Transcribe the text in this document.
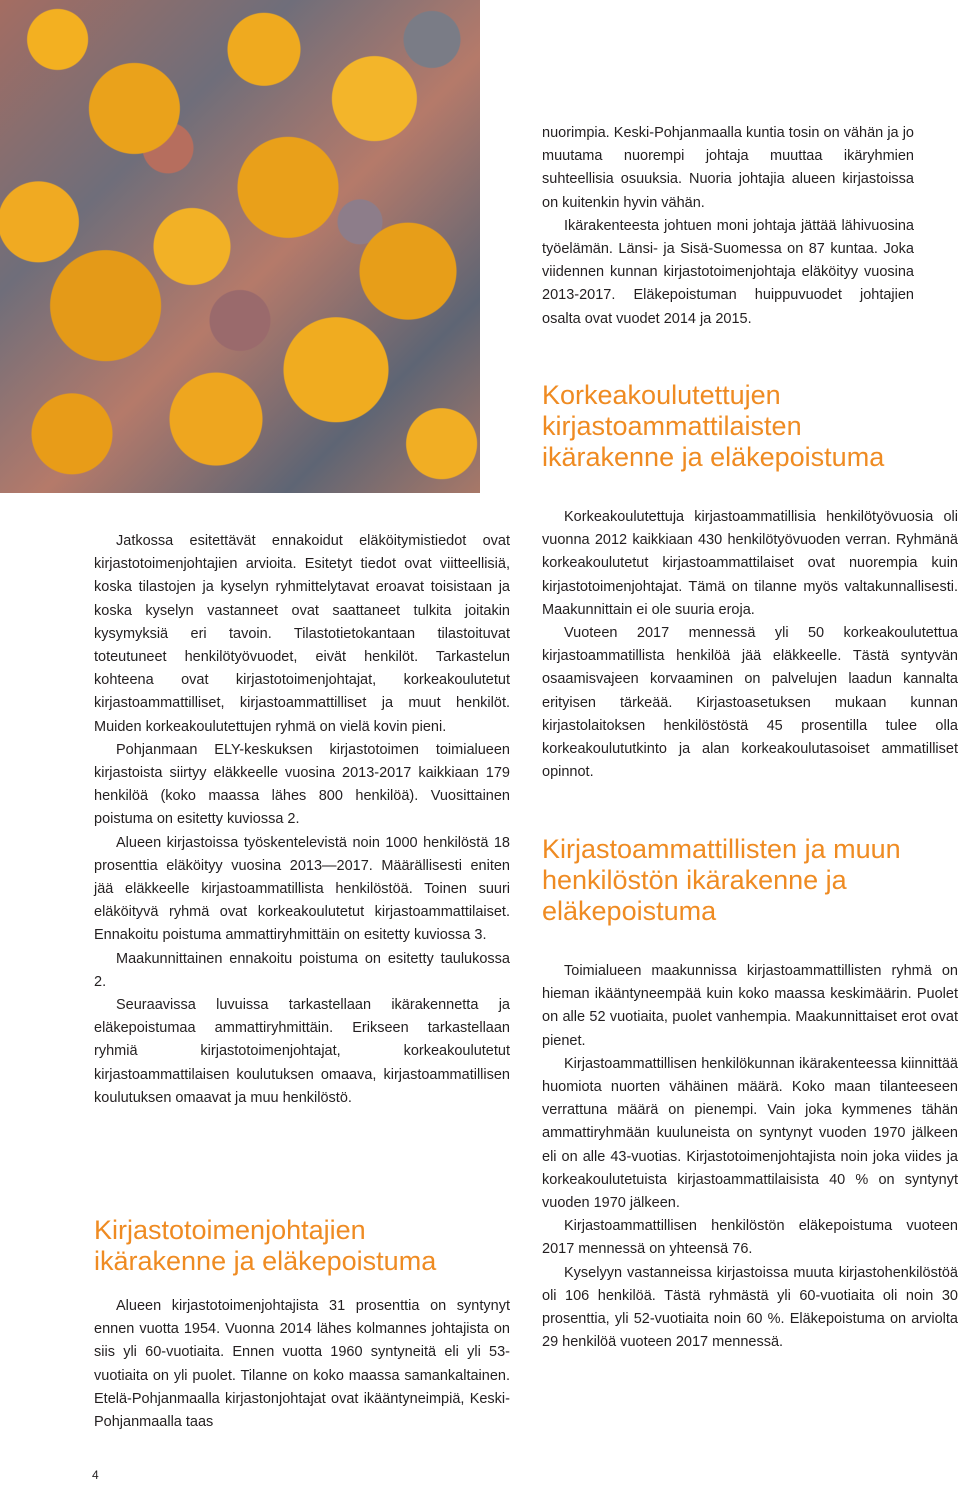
nuorimpia. Keski-Pohjanmaalla kuntia tosin on vähän ja jo muutama nuorempi johtaja muuttaa ikäryhmien suhteellisia osuuksia. Nuoria johtajia alueen kirjastoissa on kuitenkin hyvin vähän.

Ikärakenteesta johtuen moni johtaja jättää lähivuosina työelämän. Länsi- ja Sisä-Suomessa on 87 kuntaa. Joka viidennen kunnan kirjastotoimenjohtaja eläköityy vuosina 2013-2017. Eläkepoistuman huippuvuodet johtajien osalta ovat vuodet 2014 ja 2015.

Korkeakoulutettujen
kirjastoammattilaisten
ikärakenne ja eläkepoistuma

Jatkossa esitettävät ennakoidut eläköitymistiedot ovat kirjastotoimenjohtajien arvioita. Esitetyt tiedot ovat viitteellisiä, koska tilastojen ja kyselyn ryhmittelytavat eroavat toisistaan ja koska kyselyn vastanneet ovat saattaneet tulkita joitakin kysymyksiä eri tavoin. Tilastotietokantaan tilastoituvat toteutuneet henkilötyövuodet, eivät henkilöt. Tarkastelun kohteena ovat kirjastotoimenjohtajat, korkeakoulutetut kirjastoammattilliset, kirjastoammattilliset ja muut henkilöt. Muiden korkeakoulutettujen ryhmä on vielä kovin pieni.

Pohjanmaan ELY-keskuksen kirjastotoimen toimialueen kirjastoista siirtyy eläkkeelle vuosina 2013-2017 kaikkiaan 179 henkilöä (koko maassa lähes 800 henkilöä). Vuosittainen poistuma on esitetty kuviossa 2.

Alueen kirjastoissa työskentelevistä noin 1000 henkilöstä 18 prosenttia eläköityy vuosina 2013—2017. Määrällisesti eniten jää eläkkeelle kirjastoammatillista henkilöstöä. Toinen suuri eläköityvä ryhmä ovat korkeakoulutetut kirjastoammattilaiset. Ennakoitu poistuma ammattiryhmittäin on esitetty kuviossa 3.

Maakunnittainen ennakoitu poistuma on esitetty taulukossa 2.

Seuraavissa luvuissa tarkastellaan ikärakennetta ja eläkepoistumaa ammattiryhmittäin. Erikseen tarkastellaan ryhmiä kirjastotoimenjohtajat, korkeakoulutetut kirjastoammattilaisen koulutuksen omaava, kirjastoammatillisen koulutuksen omaavat ja muu henkilöstö.

Kirjastotoimenjohtajien
ikärakenne ja eläkepoistuma

Alueen kirjastotoimenjohtajista 31 prosenttia on syntynyt ennen vuotta 1954. Vuonna 2014 lähes kolmannes johtajista on siis yli 60-vuotiaita. Ennen vuotta 1960 syntyneitä eli yli 53-vuotiaita on yli puolet. Tilanne on koko maassa samankaltainen. Etelä-Pohjanmaalla kirjastonjohtajat ovat ikääntyneimpiä, Keski-Pohjanmaalla taas

Korkeakoulutettuja kirjastoammatillisia henkilötyövuosia oli vuonna 2012 kaikkiaan 430 henkilötyövuoden verran. Ryhmänä korkeakoulutetut kirjastoammattilaiset ovat nuorempia kuin kirjastotoimenjohtajat. Tämä on tilanne myös valtakunnallisesti. Maakunnittain ei ole suuria eroja.

Vuoteen 2017 mennessä yli 50 korkeakoulutettua kirjastoammatillista henkilöä jää eläkkeelle. Tästä syntyvän osaamisvajeen korvaaminen on palvelujen laadun kannalta erityisen tärkeää. Kirjastoasetuksen mukaan kunnan kirjastolaitoksen henkilöstöstä 45 prosentilla tulee olla korkeakoulututkinto ja alan korkeakoulutasoiset ammatilliset opinnot.

Kirjastoammattillisten ja muun
henkilöstön ikärakenne ja
eläkepoistuma

Toimialueen maakunnissa kirjastoammattillisten ryhmä on hieman ikääntyneempää kuin koko maassa keskimäärin. Puolet on alle 52 vuotiaita, puolet vanhempia. Maakunnittaiset erot ovat pienet.

Kirjastoammattillisen henkilökunnan ikärakenteessa kiinnittää huomiota nuorten vähäinen määrä. Koko maan tilanteeseen verrattuna määrä on pienempi. Vain joka kymmenes tähän ammattiryhmään kuuluneista on syntynyt vuoden 1970 jälkeen eli on alle 43-vuotias. Kirjastotoimenjohtajista noin joka viides ja korkeakoulutetuista kirjastoammattilaisista 40 % on syntynyt vuoden 1970 jälkeen.

Kirjastoammattillisen henkilöstön eläkepoistuma vuoteen 2017 mennessä on yhteensä 76.

Kyselyyn vastanneissa kirjastoissa muuta kirjastohenkilöstöä oli 106 henkilöä. Tästä ryhmästä yli 60-vuotiaita oli noin 30 prosenttia, yli 52-vuotiaita noin 60 %. Eläkepoistuma on arviolta 29 henkilöä vuoteen 2017 mennessä.

4
